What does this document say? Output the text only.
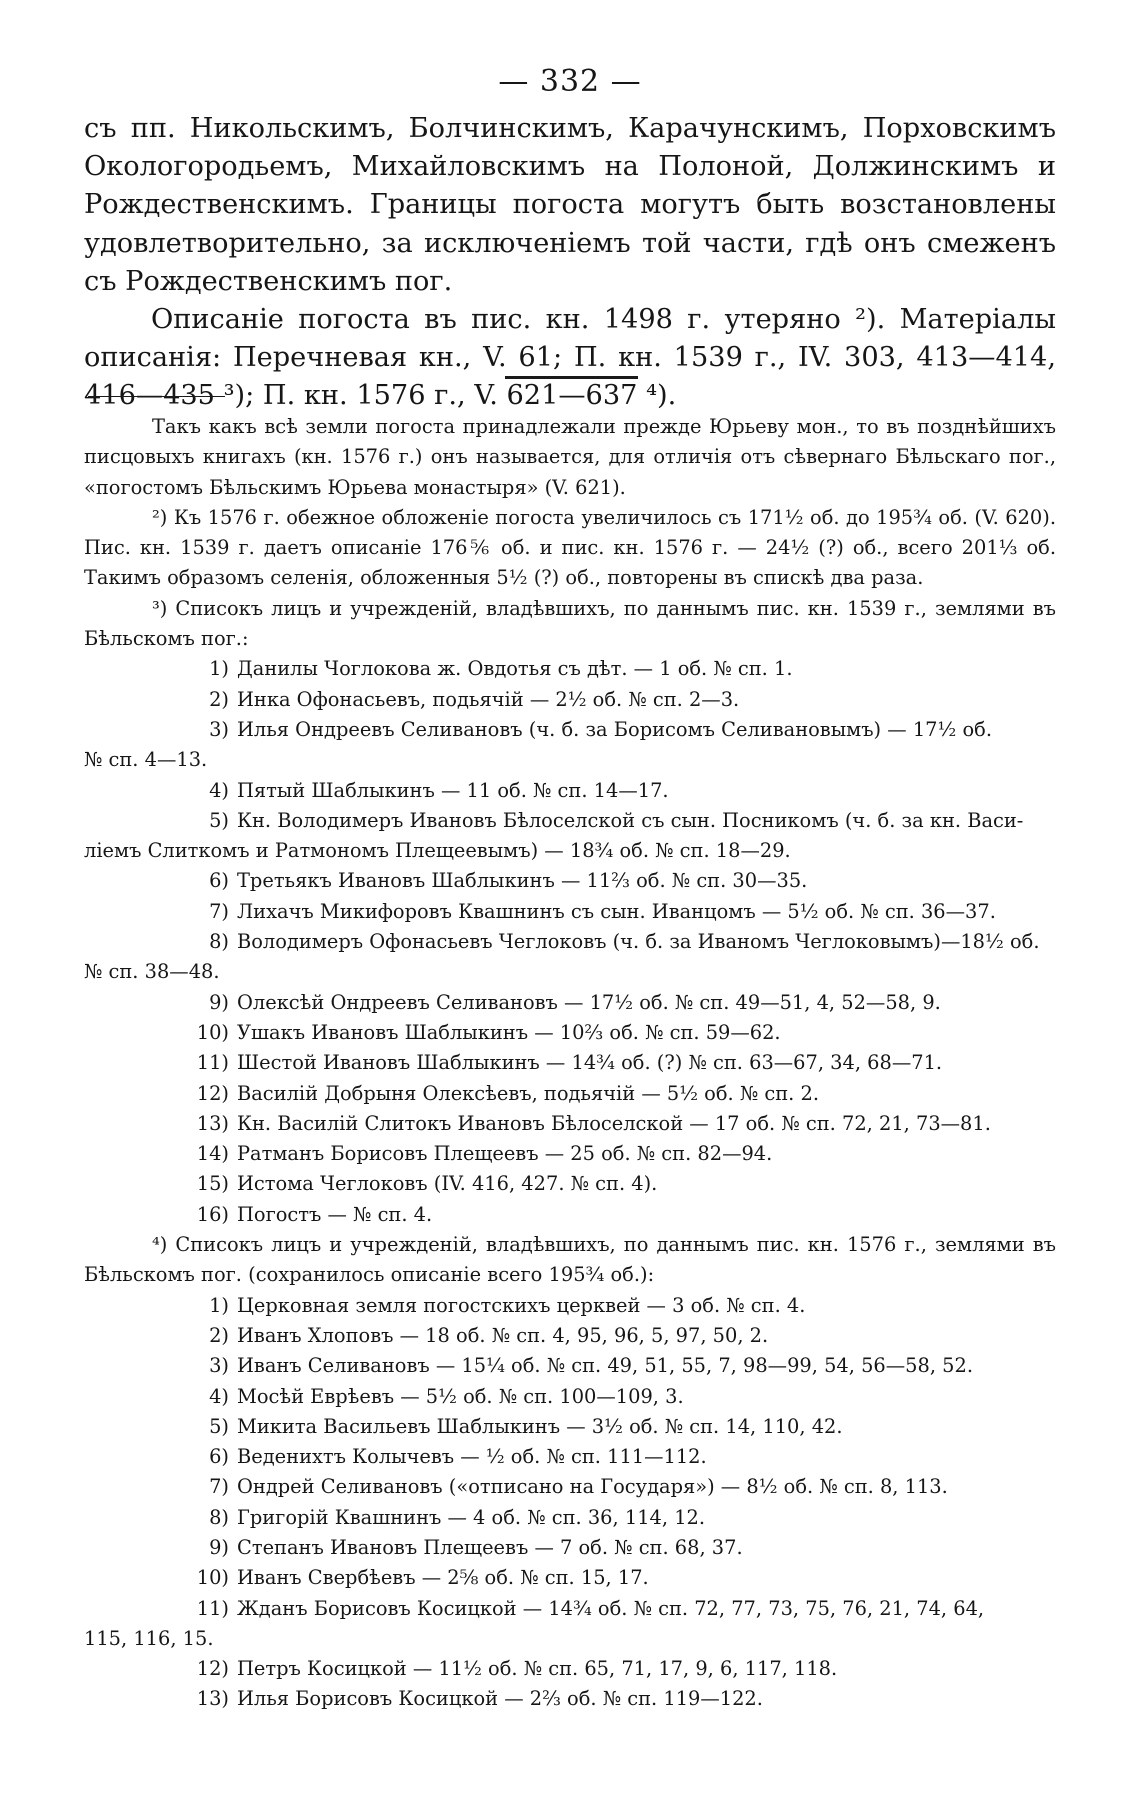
— 332 —

съ пп. Никольскимъ, Болчинскимъ, Карачунскимъ, Порховскимъ Окологородьемъ, Михайловскимъ на Полоной, Должинскимъ и Рождественскимъ. Границы погоста могутъ быть возстановлены удовлетворительно, за исключеніемъ той части, гдѣ онъ смеженъ съ Рождественскимъ пог.

Описаніе погоста въ пис. кн. 1498 г. утеряно ²). Матеріалы описанія: Перечневая кн., V. 61; П. кн. 1539 г., IV. 303, 413—414, 416—435 ³); П. кн. 1576 г., V. 621—637 ⁴).

Такъ какъ всѣ земли погоста принадлежали прежде Юрьеву мон., то въ позднѣйшихъ писцовыхъ книгахъ (кн. 1576 г.) онъ называется, для отличія отъ сѣвернаго Бѣльскаго пог., «погостомъ Бѣльскимъ Юрьева монастыря» (V. 621).

²) Къ 1576 г. обежное обложеніе погоста увеличилось съ 171½ об. до 195¾ об. (V. 620). Пис. кн. 1539 г. даетъ описаніе 176⅚ об. и пис. кн. 1576 г. — 24½ (?) об., всего 201⅓ об. Такимъ образомъ селенія, обложенныя 5½ (?) об., повторены въ спискѣ два раза.

³) Списокъ лицъ и учрежденій, владѣвшихъ, по даннымъ пис. кн. 1539 г., землями въ Бѣльскомъ пог.:

1) Данилы Чоглокова ж. Овдотья съ дѣт. — 1 об. № сп. 1.
2) Инка Офонасьевъ, подьячій — 2½ об. № сп. 2—3.
3) Илья Ондреевъ Селивановъ (ч. б. за Борисомъ Селивановымъ) — 17½ об.
№ сп. 4—13.
4) Пятый Шаблыкинъ — 11 об. № сп. 14—17.
5) Кн. Володимеръ Ивановъ Бѣлоселской съ сын. Посникомъ (ч. б. за кн. Васи-
ліемъ Слиткомъ и Ратмономъ Плещеевымъ) — 18¾ об. № сп. 18—29.
6) Третьякъ Ивановъ Шаблыкинъ — 11⅔ об. № сп. 30—35.
7) Лихачъ Микифоровъ Квашнинъ съ сын. Иванцомъ — 5½ об. № сп. 36—37.
8) Володимеръ Офонасьевъ Чеглоковъ (ч. б. за Иваномъ Чеглоковымъ)—18½ об.
№ сп. 38—48.
9) Олексѣй Ондреевъ Селивановъ — 17½ об. № сп. 49—51, 4, 52—58, 9.
10) Ушакъ Ивановъ Шаблыкинъ — 10⅔ об. № сп. 59—62.
11) Шестой Ивановъ Шаблыкинъ — 14¾ об. (?) № сп. 63—67, 34, 68—71.
12) Василій Добрыня Олексѣевъ, подьячій — 5½ об. № сп. 2.
13) Кн. Василій Слитокъ Ивановъ Бѣлоселской — 17 об. № сп. 72, 21, 73—81.
14) Ратманъ Борисовъ Плещеевъ — 25 об. № сп. 82—94.
15) Истома Чеглоковъ (IV. 416, 427. № сп. 4).
16) Погостъ — № сп. 4.

⁴) Списокъ лицъ и учрежденій, владѣвшихъ, по даннымъ пис. кн. 1576 г., землями въ Бѣльскомъ пог. (сохранилось описаніе всего 195¾ об.):

1) Церковная земля погостскихъ церквей — 3 об. № сп. 4.
2) Иванъ Хлоповъ — 18 об. № сп. 4, 95, 96, 5, 97, 50, 2.
3) Иванъ Селивановъ — 15¼ об. № сп. 49, 51, 55, 7, 98—99, 54, 56—58, 52.
4) Мосѣй Еврѣевъ — 5½ об. № сп. 100—109, 3.
5) Микита Васильевъ Шаблыкинъ — 3½ об. № сп. 14, 110, 42.
6) Веденихтъ Колычевъ — ½ об. № сп. 111—112.
7) Ондрей Селивановъ («отписано на Государя») — 8½ об. № сп. 8, 113.
8) Григорій Квашнинъ — 4 об. № сп. 36, 114, 12.
9) Степанъ Ивановъ Плещеевъ — 7 об. № сп. 68, 37.
10) Иванъ Свербѣевъ — 2⅝ об. № сп. 15, 17.
11) Жданъ Борисовъ Косицкой — 14¾ об. № сп. 72, 77, 73, 75, 76, 21, 74, 64,
115, 116, 15.
12) Петръ Косицкой — 11½ об. № сп. 65, 71, 17, 9, 6, 117, 118.
13) Илья Борисовъ Косицкой — 2⅔ об. № сп. 119—122.
